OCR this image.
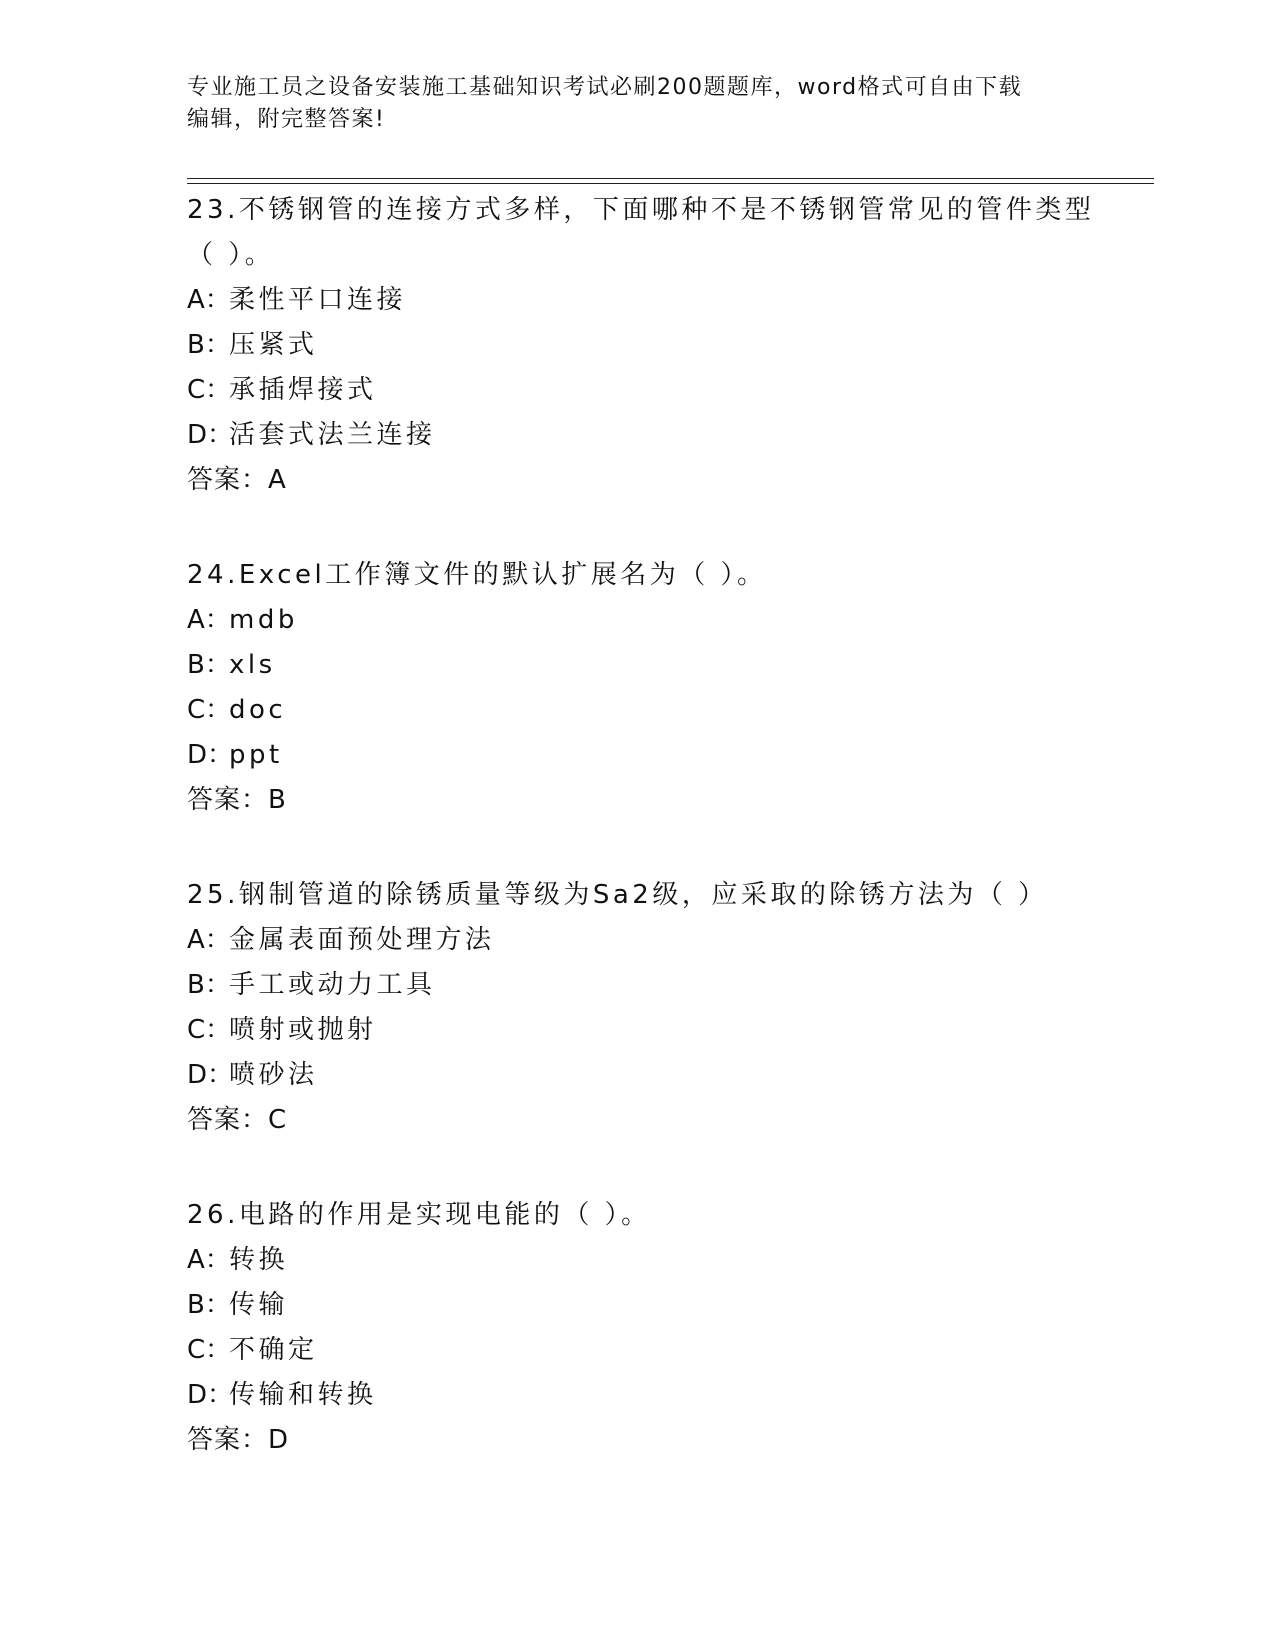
专业施工员之设备安装施工基础知识考试必刷200题题库，word格式可自由下载
编辑，附完整答案!
23.不锈钢管的连接方式多样，下面哪种不是不锈钢管常见的管件类型
（ ）。
A：柔性平口连接
B：压紧式
C：承插焊接式
D：活套式法兰连接
答案：A
24.Excel工作簿文件的默认扩展名为（ ）。
A：mdb
B：xls
C：doc
D：ppt
答案：B
25.钢制管道的除锈质量等级为Sa2级，应采取的除锈方法为（ ）
A：金属表面预处理方法
B：手工或动力工具
C：喷射或抛射
D：喷砂法
答案：C
26.电路的作用是实现电能的（ ）。
A：转换
B：传输
C：不确定
D：传输和转换
答案：D
